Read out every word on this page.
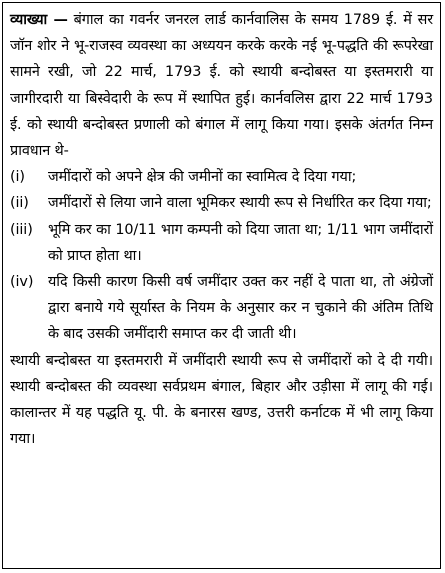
व्याख्या — बंगाल का गवर्नर जनरल लार्ड कार्नवालिस के समय 1789 ई. में सर जॉन शोर ने भू-राजस्व व्यवस्था का अध्ययन करके करके नई भू-पद्धति की रूपरेखा सामने रखी, जो 22 मार्च, 1793 ई. को स्थायी बन्दोबस्त या इस्तमरारी या जागीरदारी या बिस्वेदारी के रूप में स्थापित हुई। कार्नवलिस द्वारा 22 मार्च 1793 ई. को स्थायी बन्दोबस्त प्रणाली को बंगाल में लागू किया गया। इसके अंतर्गत निम्न प्रावधान थे-

(i)	जमींदारों को अपने क्षेत्र की जमीनों का स्वामित्व दे दिया गया;
(ii)	जमींदारों से लिया जाने वाला भूमिकर स्थायी रूप से निर्धारित कर दिया गया;
(iii)	भूमि कर का 10/11 भाग कम्पनी को दिया जाता था; 1/11 भाग जमींदारों को प्राप्त होता था।
(iv)	यदि किसी कारण किसी वर्ष जमींदार उक्त कर नहीं दे पाता था, तो अंग्रेजों द्वारा बनाये गये सूर्यास्त के नियम के अनुसार कर न चुकाने की अंतिम तिथि के बाद उसकी जमींदारी समाप्त कर दी जाती थी।

स्थायी बन्दोबस्त या इस्तमरारी में जमींदारी स्थायी रूप से जमींदारों को दे दी गयी। स्थायी बन्दोबस्त की व्यवस्था सर्वप्रथम बंगाल, बिहार और उड़ीसा में लागू की गई। कालान्तर में यह पद्धति यू. पी. के बनारस खण्ड, उत्तरी कर्नाटक में भी लागू किया गया।
